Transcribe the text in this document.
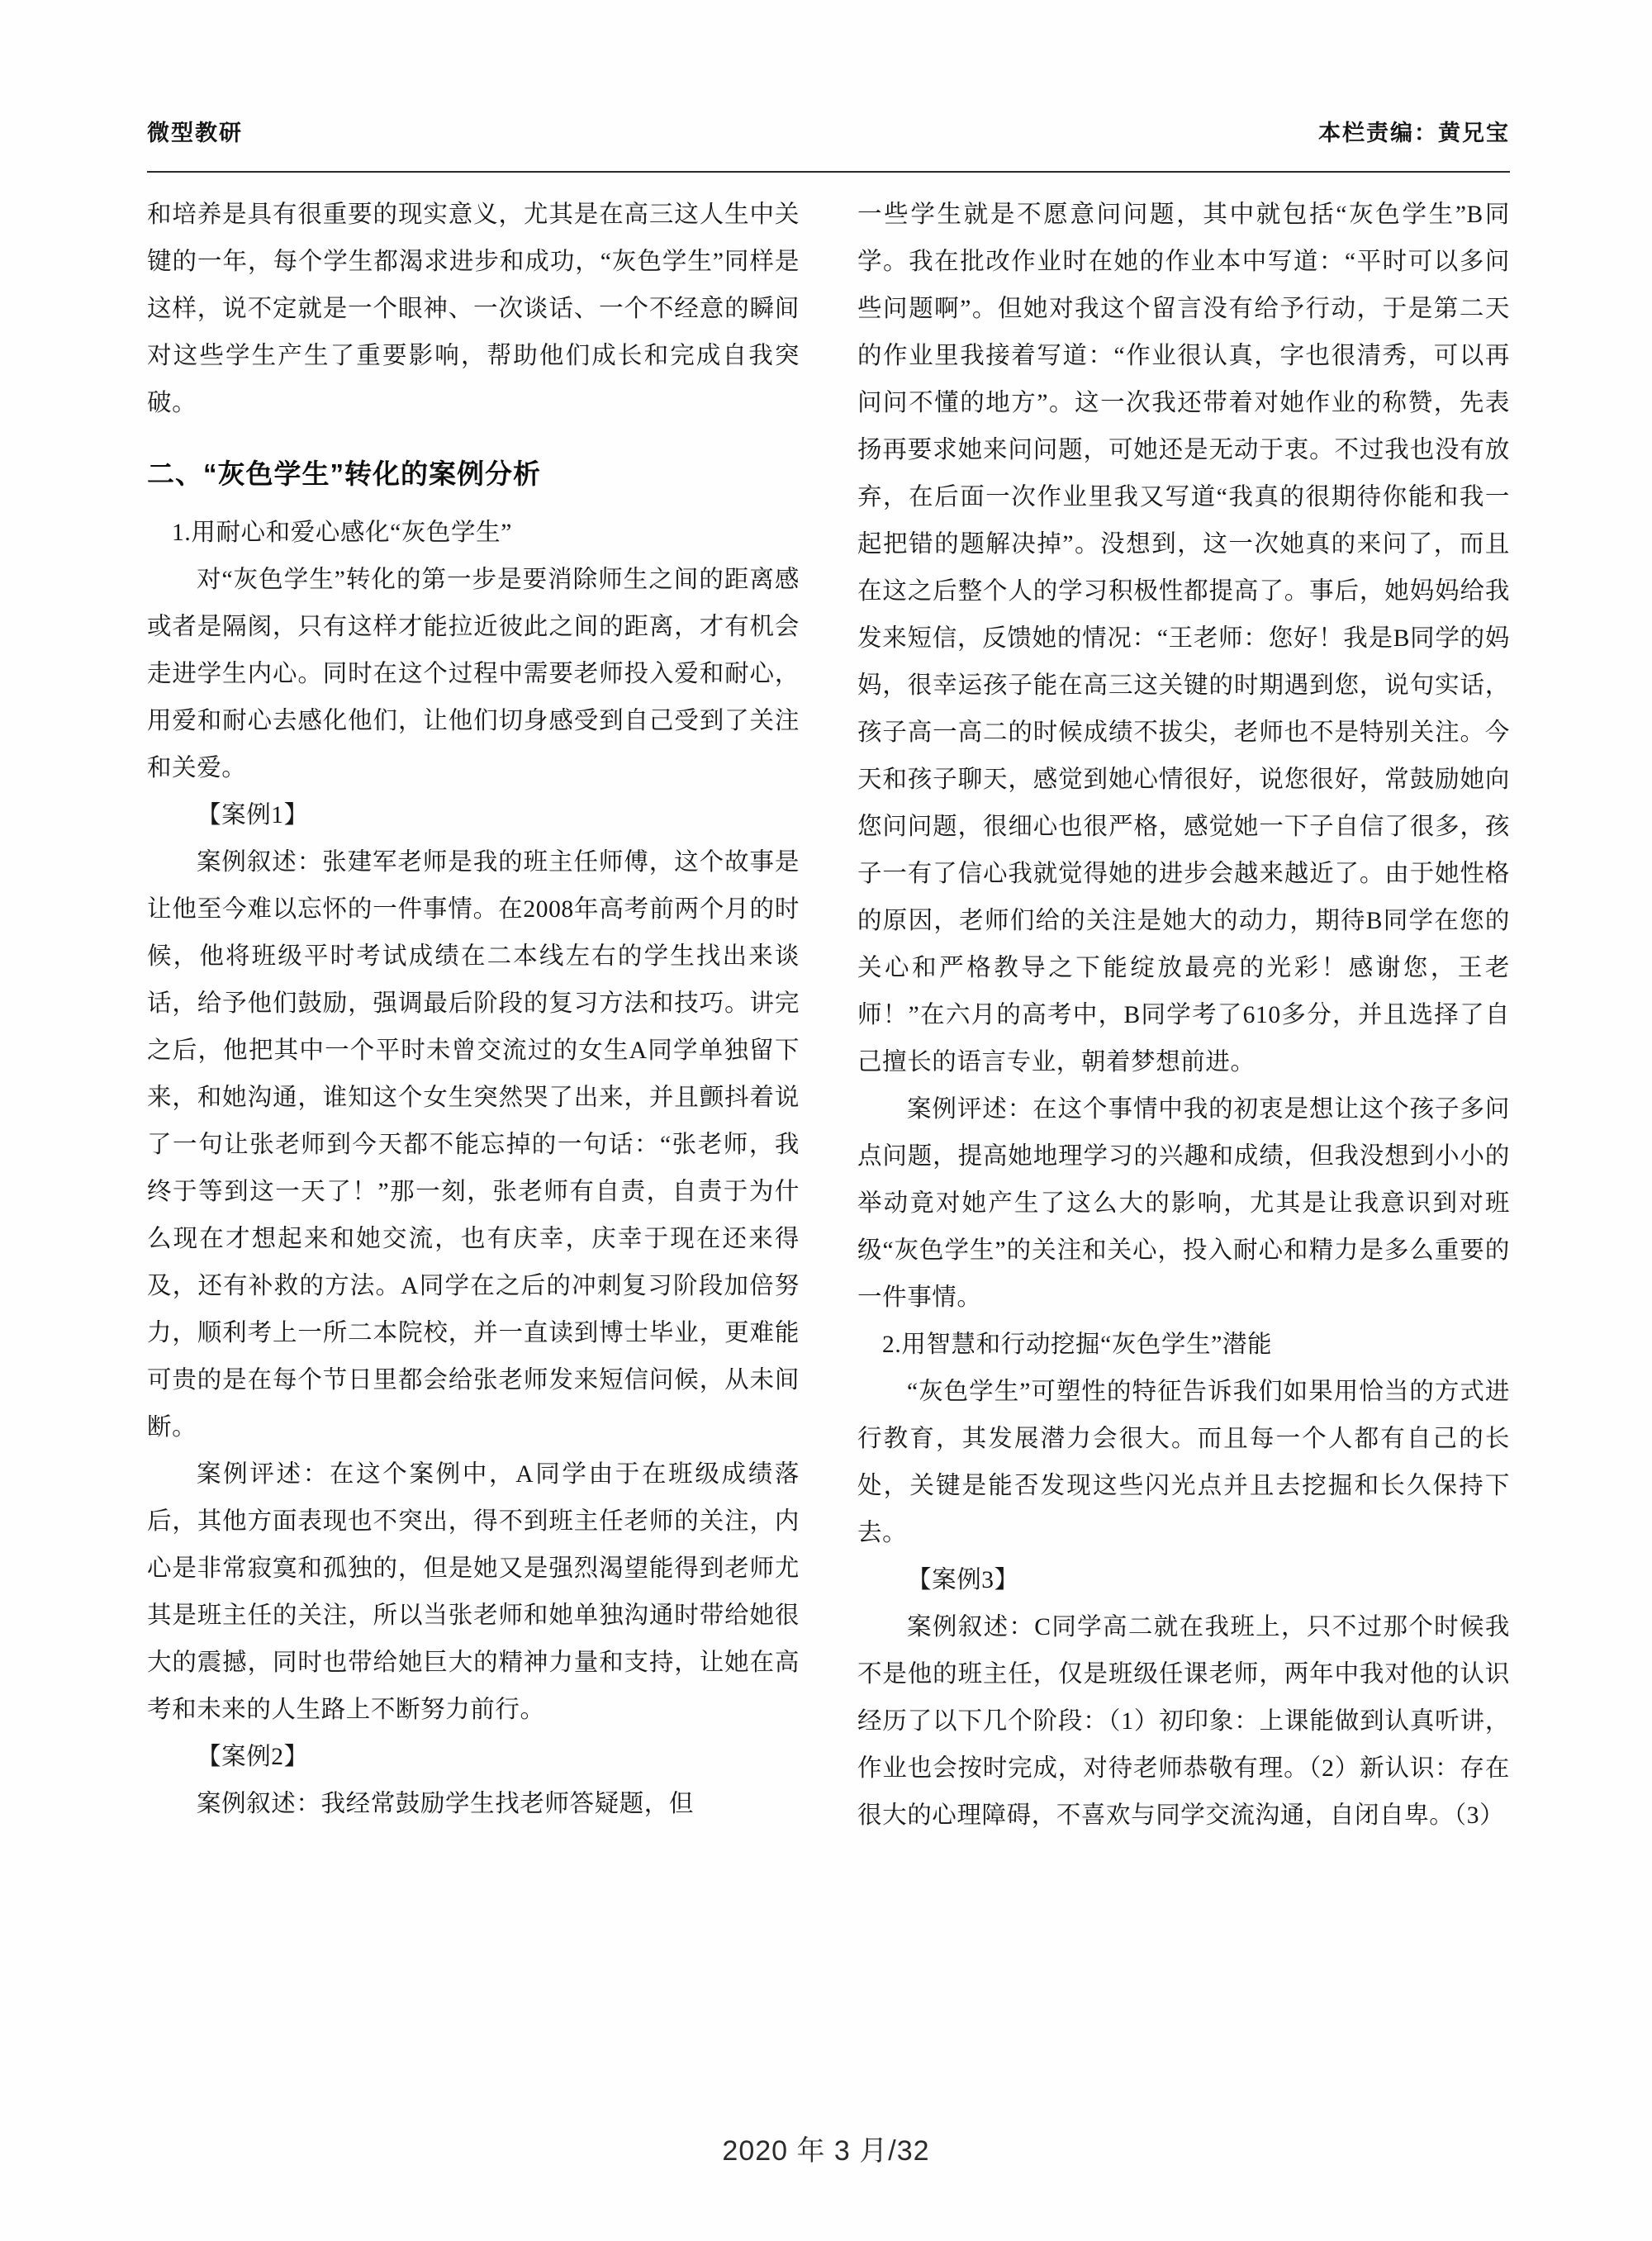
微型教研	本栏责编：黄兄宝

和培养是具有很重要的现实意义，尤其是在高三这人生中关键的一年，每个学生都渴求进步和成功，“灰色学生”同样是这样，说不定就是一个眼神、一次谈话、一个不经意的瞬间对这些学生产生了重要影响，帮助他们成长和完成自我突破。

二、“灰色学生”转化的案例分析

1.用耐心和爱心感化“灰色学生”

对“灰色学生”转化的第一步是要消除师生之间的距离感或者是隔阂，只有这样才能拉近彼此之间的距离，才有机会走进学生内心。同时在这个过程中需要老师投入爱和耐心，用爱和耐心去感化他们，让他们切身感受到自己受到了关注和关爱。

【案例1】

案例叙述：张建军老师是我的班主任师傅，这个故事是让他至今难以忘怀的一件事情。在2008年高考前两个月的时候，他将班级平时考试成绩在二本线左右的学生找出来谈话，给予他们鼓励，强调最后阶段的复习方法和技巧。讲完之后，他把其中一个平时未曾交流过的女生A同学单独留下来，和她沟通，谁知这个女生突然哭了出来，并且颤抖着说了一句让张老师到今天都不能忘掉的一句话：“张老师，我终于等到这一天了！”那一刻，张老师有自责，自责于为什么现在才想起来和她交流，也有庆幸，庆幸于现在还来得及，还有补救的方法。A同学在之后的冲刺复习阶段加倍努力，顺利考上一所二本院校，并一直读到博士毕业，更难能可贵的是在每个节日里都会给张老师发来短信问候，从未间断。

案例评述：在这个案例中，A同学由于在班级成绩落后，其他方面表现也不突出，得不到班主任老师的关注，内心是非常寂寞和孤独的，但是她又是强烈渴望能得到老师尤其是班主任的关注，所以当张老师和她单独沟通时带给她很大的震撼，同时也带给她巨大的精神力量和支持，让她在高考和未来的人生路上不断努力前行。

【案例2】

案例叙述：我经常鼓励学生找老师答疑题，但

一些学生就是不愿意问问题，其中就包括“灰色学生”B同学。我在批改作业时在她的作业本中写道：“平时可以多问些问题啊”。但她对我这个留言没有给予行动，于是第二天的作业里我接着写道：“作业很认真，字也很清秀，可以再问问不懂的地方”。这一次我还带着对她作业的称赞，先表扬再要求她来问问题，可她还是无动于衷。不过我也没有放弃，在后面一次作业里我又写道“我真的很期待你能和我一起把错的题解决掉”。没想到，这一次她真的来问了，而且在这之后整个人的学习积极性都提高了。事后，她妈妈给我发来短信，反馈她的情况：“王老师：您好！我是B同学的妈妈，很幸运孩子能在高三这关键的时期遇到您，说句实话，孩子高一高二的时候成绩不拔尖，老师也不是特别关注。今天和孩子聊天，感觉到她心情很好，说您很好，常鼓励她向您问问题，很细心也很严格，感觉她一下子自信了很多，孩子一有了信心我就觉得她的进步会越来越近了。由于她性格的原因，老师们给的关注是她大的动力，期待B同学在您的关心和严格教导之下能绽放最亮的光彩！感谢您，王老师！”在六月的高考中，B同学考了610多分，并且选择了自己擅长的语言专业，朝着梦想前进。

案例评述：在这个事情中我的初衷是想让这个孩子多问点问题，提高她地理学习的兴趣和成绩，但我没想到小小的举动竟对她产生了这么大的影响，尤其是让我意识到对班级“灰色学生”的关注和关心，投入耐心和精力是多么重要的一件事情。

2.用智慧和行动挖掘“灰色学生”潜能

“灰色学生”可塑性的特征告诉我们如果用恰当的方式进行教育，其发展潜力会很大。而且每一个人都有自己的长处，关键是能否发现这些闪光点并且去挖掘和长久保持下去。

【案例3】

案例叙述：C同学高二就在我班上，只不过那个时候我不是他的班主任，仅是班级任课老师，两年中我对他的认识经历了以下几个阶段：（1）初印象：上课能做到认真听讲，作业也会按时完成，对待老师恭敬有理。（2）新认识：存在很大的心理障碍，不喜欢与同学交流沟通，自闭自卑。（3）

2020 年 3 月/32
